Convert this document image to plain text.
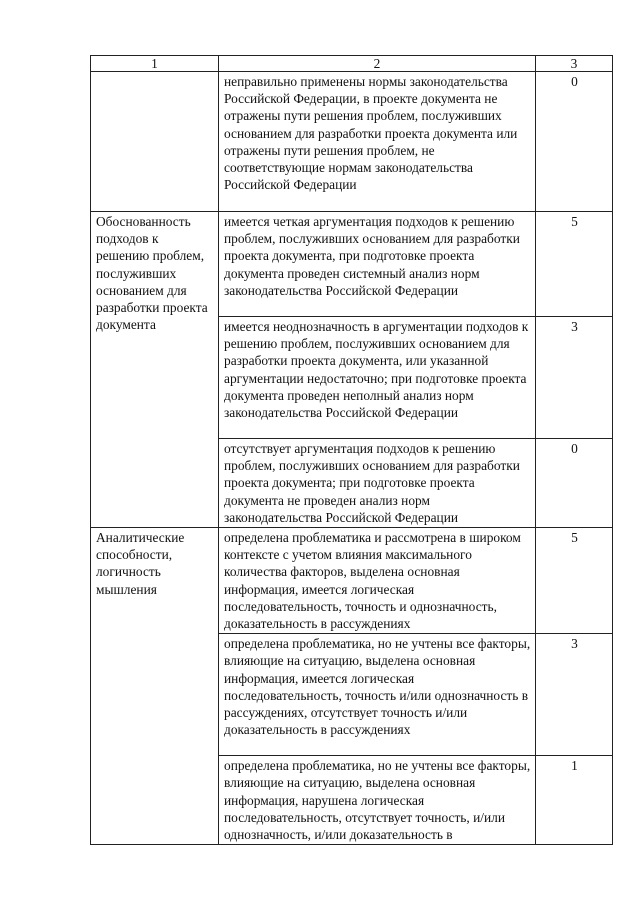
1	2	3
	неправильно применены нормы законодательства Российской Федерации, в проекте документа не отражены пути решения проблем, послуживших основанием для разработки проекта документа или отражены пути решения проблем, не соответствующие нормам законодательства Российской Федерации	0
Обоснованность подходов к решению проблем, послуживших основанием для разработки проекта документа	имеется четкая аргументация подходов к решению проблем, послуживших основанием для разработки проекта документа, при подготовке проекта документа проведен системный анализ норм законодательства Российской Федерации	5
	имеется неоднозначность в аргументации подходов к решению проблем, послуживших основанием для разработки проекта документа, или указанной аргументации недостаточно; при подготовке проекта документа проведен неполный анализ норм законодательства Российской Федерации	3
	отсутствует аргументация подходов к решению проблем, послуживших основанием для разработки проекта документа; при подготовке проекта документа не проведен анализ норм законодательства Российской Федерации	0
Аналитические способности, логичность мышления	определена проблематика и рассмотрена в широком контексте с учетом влияния максимального количества факторов, выделена основная информация, имеется логическая последовательность, точность и однозначность, доказательность в рассуждениях	5
	определена проблематика, но не учтены все факторы, влияющие на ситуацию, выделена основная информация, имеется логическая последовательность, точность и/или однозначность в рассуждениях, отсутствует точность и/или доказательность в рассуждениях	3
	определена проблематика, но не учтены все факторы, влияющие на ситуацию, выделена основная информация, нарушена логическая последовательность, отсутствует точность, и/или однозначность, и/или доказательность в	1
